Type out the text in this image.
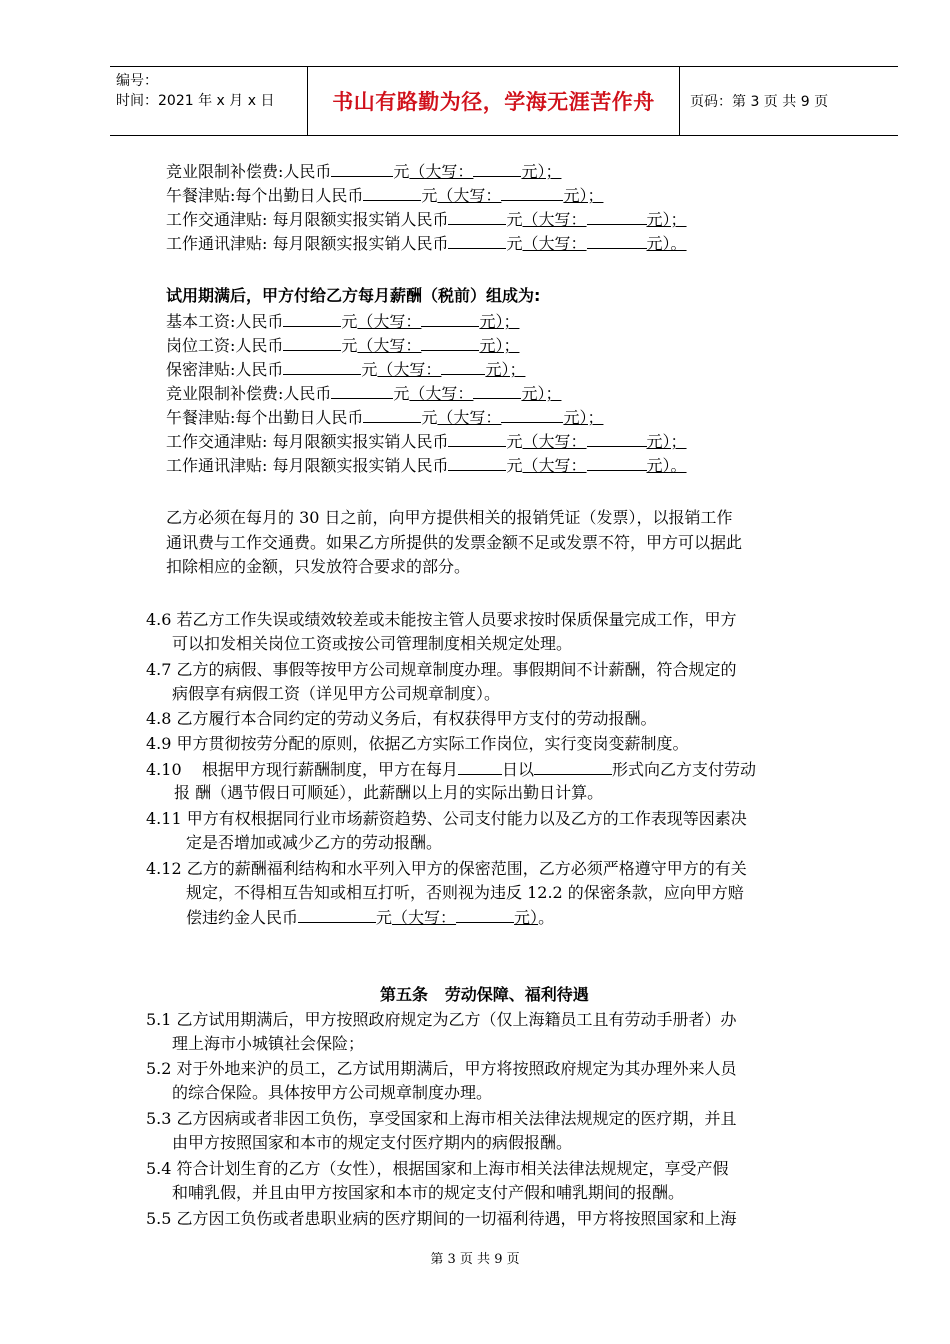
编号：
时间：2021 年 x 月 x 日	书山有路勤为径，学海无涯苦作舟	页码：第 3 页 共 9 页
竞业限制补偿费:人民币	元（大写：	元）；
午餐津贴:每个出勤日人民币	元（大写：	元）；
工作交通津贴: 每月限额实报实销人民币	元（大写：	元）；
工作通讯津贴: 每月限额实报实销人民币	元（大写：	元）。
试用期满后，甲方付给乙方每月薪酬（税前）组成为:
基本工资:人民币	元（大写：	元）；
岗位工资:人民币	元（大写：	元）；
保密津贴:人民币	元（大写：	元）；
竞业限制补偿费:人民币	元（大写：	元）；
午餐津贴:每个出勤日人民币	元（大写：	元）；
工作交通津贴: 每月限额实报实销人民币	元（大写：	元）；
工作通讯津贴: 每月限额实报实销人民币	元（大写：	元）。
乙方必须在每月的 30 日之前，向甲方提供相关的报销凭证（发票），以报销工作
通讯费与工作交通费。如果乙方所提供的发票金额不足或发票不符，甲方可以据此
扣除相应的金额，只发放符合要求的部分。
4.6 若乙方工作失误或绩效较差或未能按主管人员要求按时保质保量完成工作，甲方
可以扣发相关岗位工资或按公司管理制度相关规定处理。
4.7 乙方的病假、事假等按甲方公司规章制度办理。事假期间不计薪酬，符合规定的
病假享有病假工资（详见甲方公司规章制度）。
4.8 乙方履行本合同约定的劳动义务后，有权获得甲方支付的劳动报酬。
4.9 甲方贯彻按劳分配的原则，依据乙方实际工作岗位，实行变岗变薪制度。
4.10    根据甲方现行薪酬制度，甲方在每月	日以	形式向乙方支付劳动
报 酬（遇节假日可顺延），此薪酬以上月的实际出勤日计算。
4.11 甲方有权根据同行业市场薪资趋势、公司支付能力以及乙方的工作表现等因素决
定是否增加或减少乙方的劳动报酬。
4.12 乙方的薪酬福利结构和水平列入甲方的保密范围，乙方必须严格遵守甲方的有关
规定，不得相互告知或相互打听，否则视为违反 12.2 的保密条款，应向甲方赔
偿违约金人民币	元（大写：	元）。
第五条   劳动保障、福利待遇
5.1 乙方试用期满后，甲方按照政府规定为乙方（仅上海籍员工且有劳动手册者）办
理上海市小城镇社会保险；
5.2 对于外地来沪的员工，乙方试用期满后，甲方将按照政府规定为其办理外来人员
的综合保险。具体按甲方公司规章制度办理。
5.3 乙方因病或者非因工负伤，享受国家和上海市相关法律法规规定的医疗期，并且
由甲方按照国家和本市的规定支付医疗期内的病假报酬。
5.4 符合计划生育的乙方（女性），根据国家和上海市相关法律法规规定，享受产假
和哺乳假，并且由甲方按国家和本市的规定支付产假和哺乳期间的报酬。
5.5 乙方因工负伤或者患职业病的医疗期间的一切福利待遇，甲方将按照国家和上海
第 3 页 共 9 页
